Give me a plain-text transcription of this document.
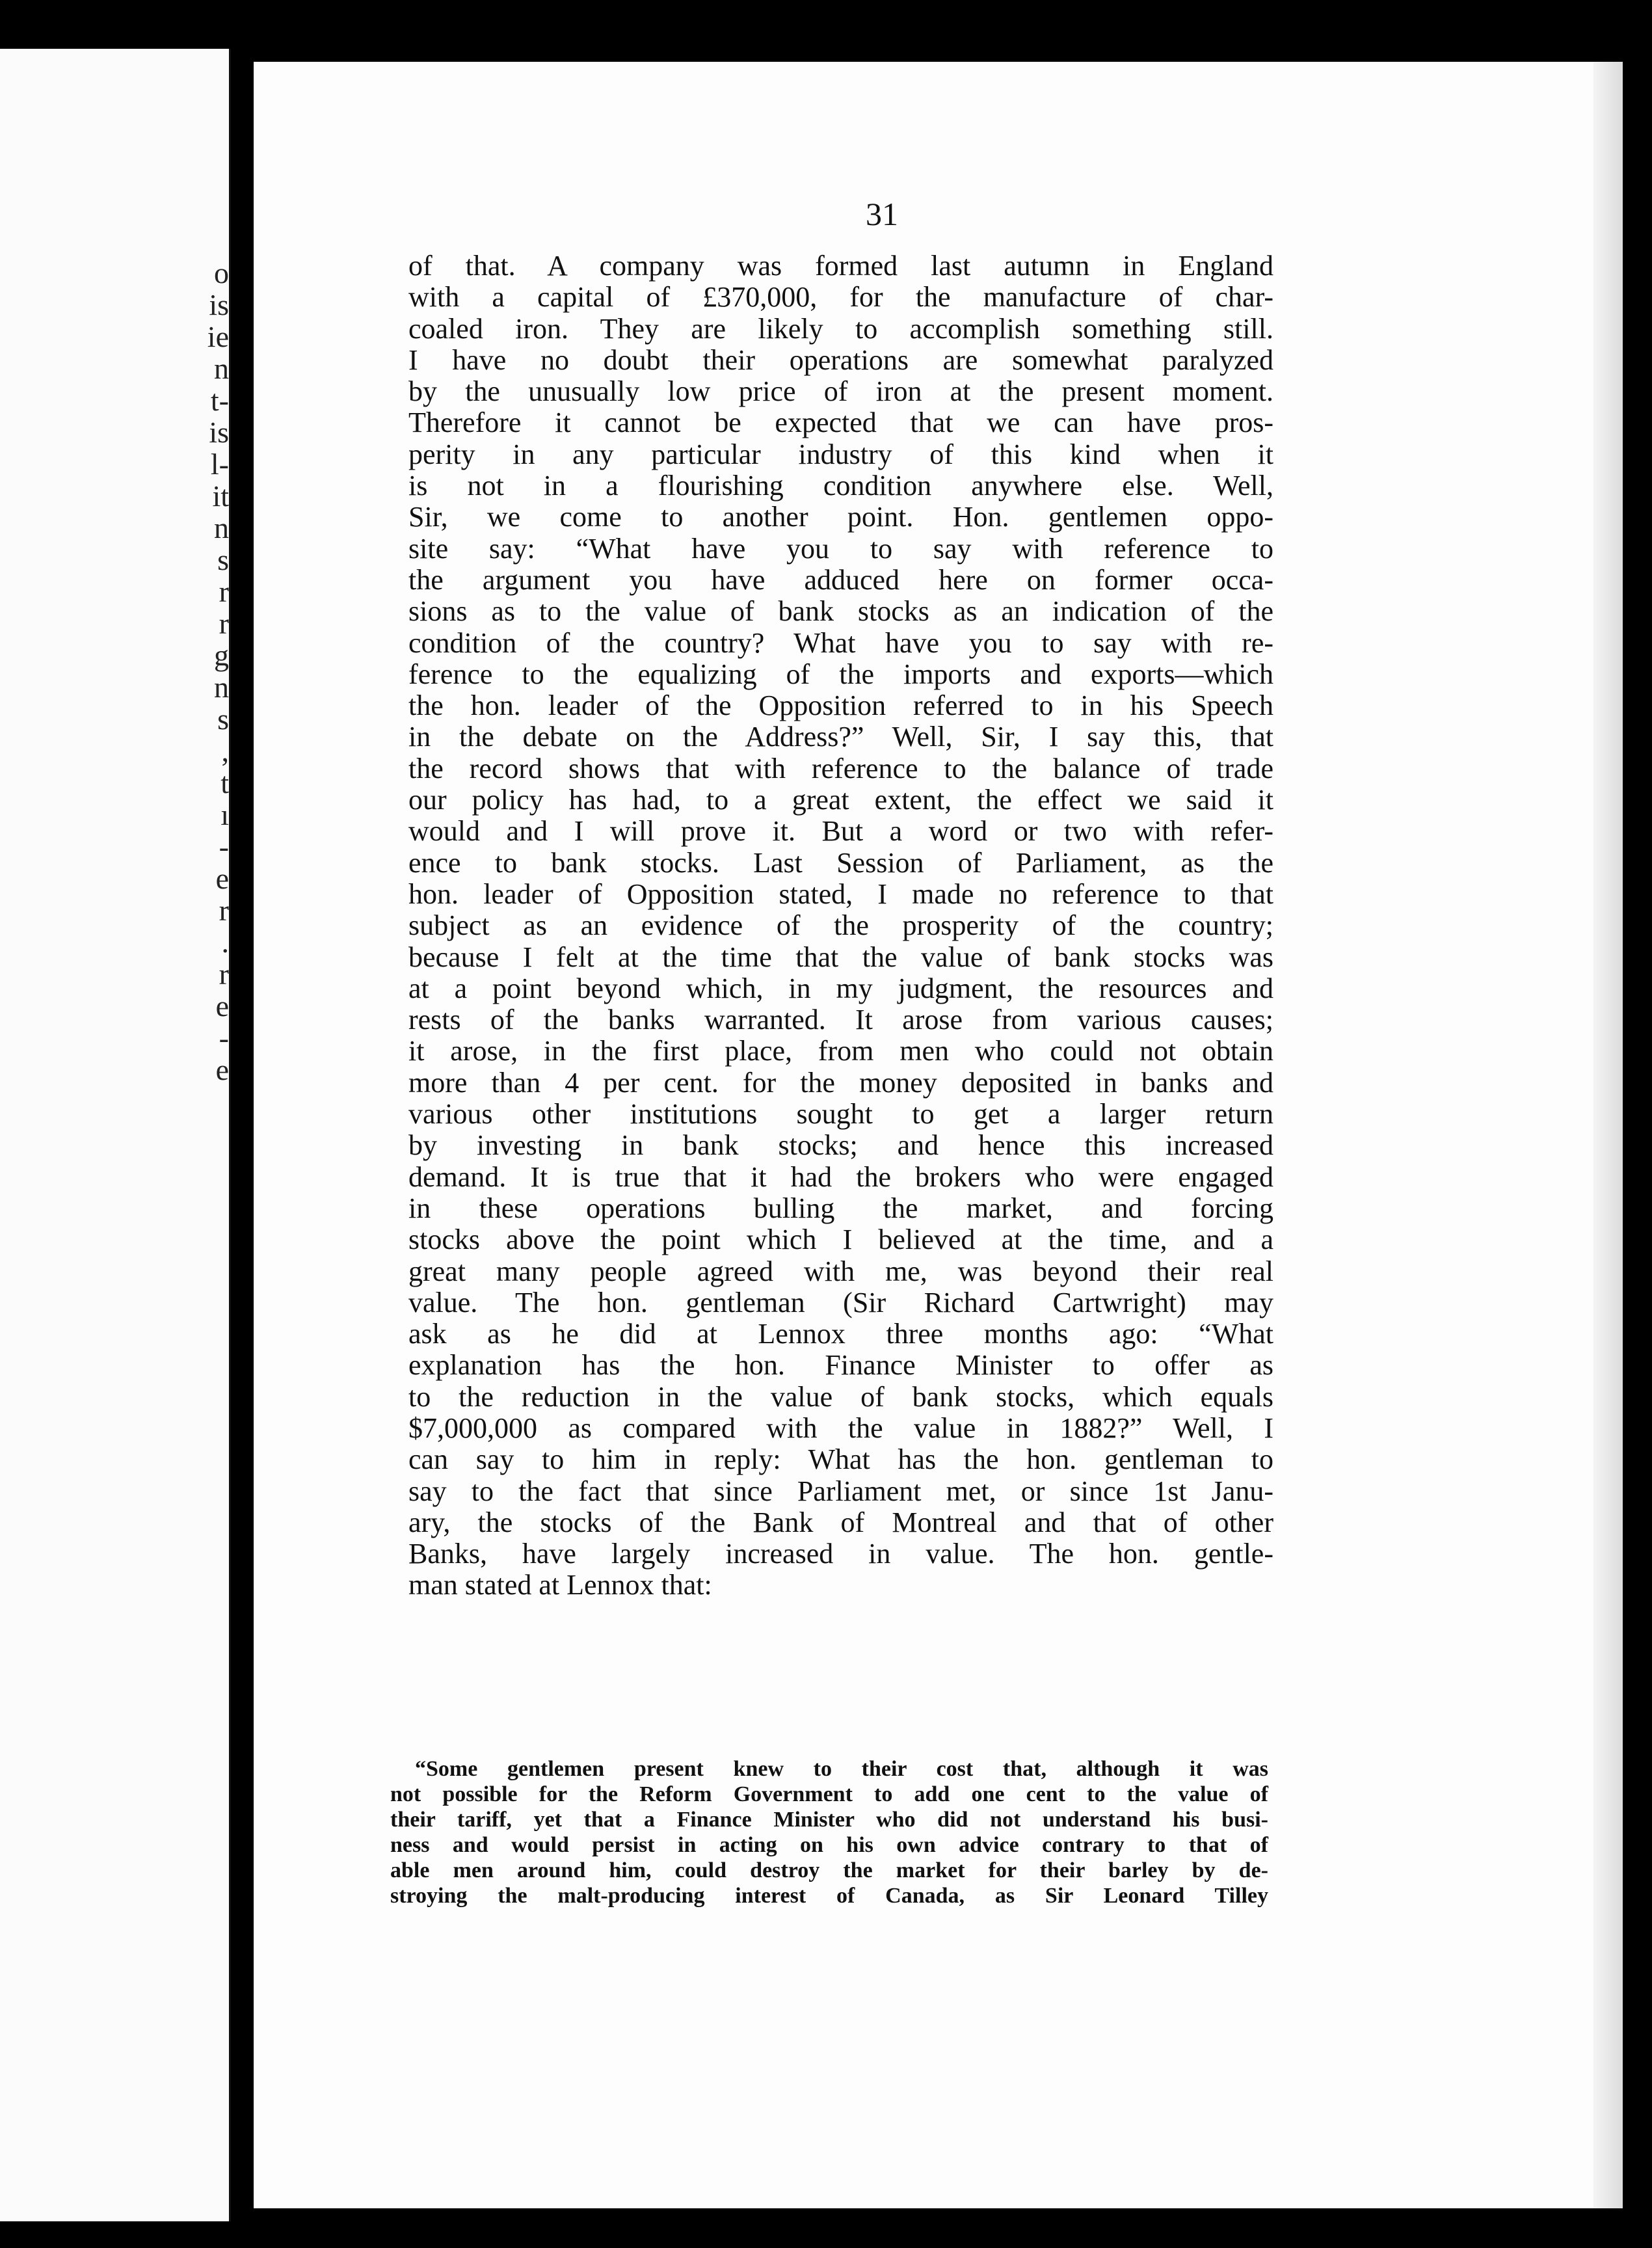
o
is
ie
n
t-
is
l-
it
n
s
r
r
g
n
s
,
t
ı
-
e
r
.
r
e
-
e
31
of that. A company was formed last autumn in England
with a capital of £370,000, for the manufacture of char-
coaled iron. They are likely to accomplish something still.
I have no doubt their operations are somewhat paralyzed
by the unusually low price of iron at the present moment.
Therefore it cannot be expected that we can have pros-
perity in any particular industry of this kind when it
is not in a flourishing condition anywhere else. Well,
Sir, we come to another point. Hon. gentlemen oppo-
site say: “What have you to say with reference to
the argument you have adduced here on former occa-
sions as to the value of bank stocks as an indication of the
condition of the country? What have you to say with re-
ference to the equalizing of the imports and exports—which
the hon. leader of the Opposition referred to in his Speech
in the debate on the Address?” Well, Sir, I say this, that
the record shows that with reference to the balance of trade
our policy has had, to a great extent, the effect we said it
would and I will prove it. But a word or two with refer-
ence to bank stocks. Last Session of Parliament, as the
hon. leader of Opposition stated, I made no reference to that
subject as an evidence of the prosperity of the country;
because I felt at the time that the value of bank stocks was
at a point beyond which, in my judgment, the resources and
rests of the banks warranted. It arose from various causes;
it arose, in the first place, from men who could not obtain
more than 4 per cent. for the money deposited in banks and
various other institutions sought to get a larger return
by investing in bank stocks; and hence this increased
demand. It is true that it had the brokers who were engaged
in these operations bulling the market, and forcing
stocks above the point which I believed at the time, and a
great many people agreed with me, was beyond their real
value. The hon. gentleman (Sir Richard Cartwright) may
ask as he did at Lennox three months ago: “What
explanation has the hon. Finance Minister to offer as
to the reduction in the value of bank stocks, which equals
$7,000,000 as compared with the value in 1882?” Well, I
can say to him in reply: What has the hon. gentleman to
say to the fact that since Parliament met, or since 1st Janu-
ary, the stocks of the Bank of Montreal and that of other
Banks, have largely increased in value. The hon. gentle-
man stated at Lennox that:
“Some gentlemen present knew to their cost that, although it was
not possible for the Reform Government to add one cent to the value of
their tariff, yet that a Finance Minister who did not understand his busi-
ness and would persist in acting on his own advice contrary to that of
able men around him, could destroy the market for their barley by de-
stroying the malt-producing interest of Canada, as Sir Leonard Tilley
